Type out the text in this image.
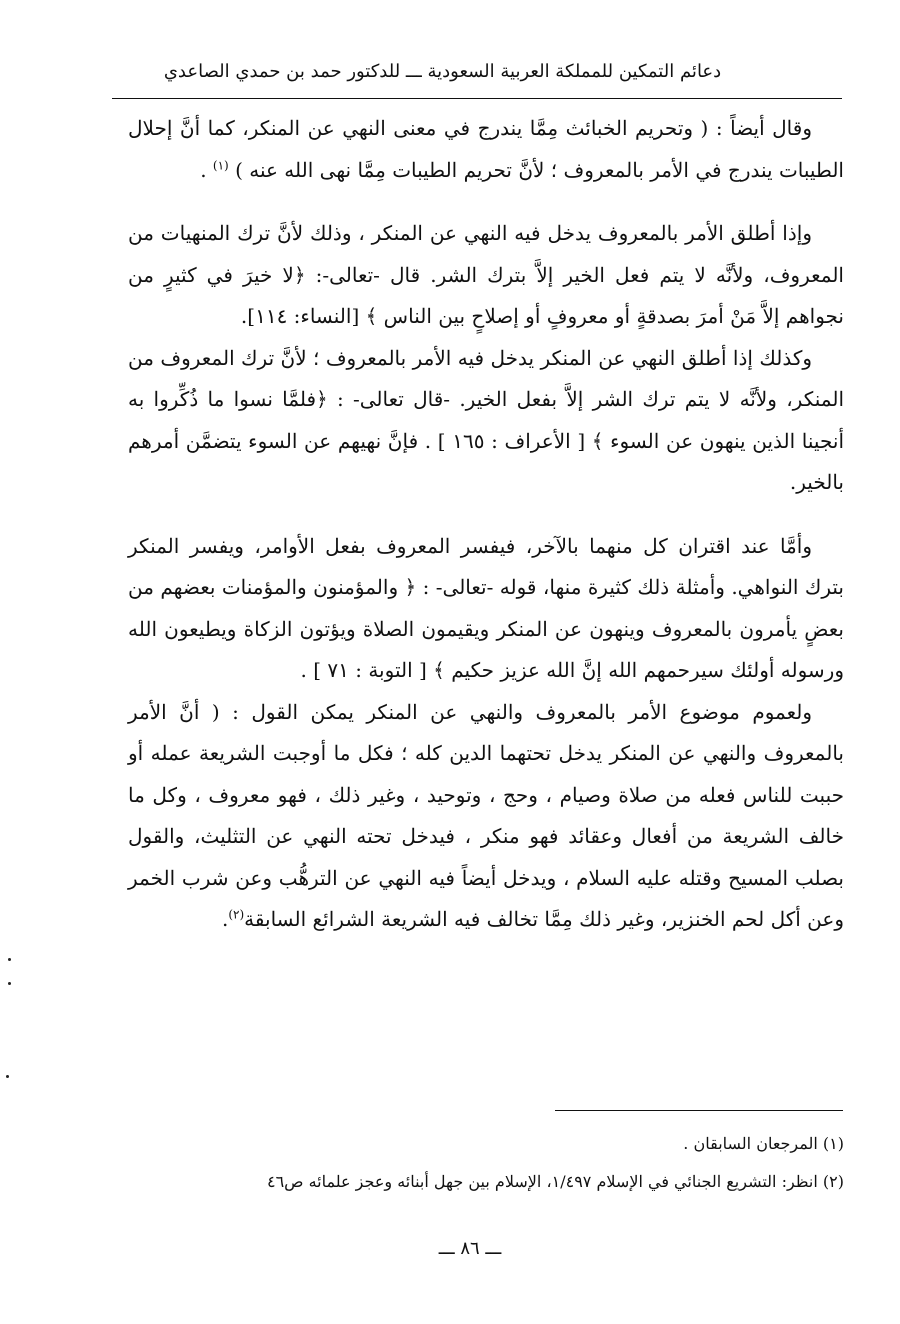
دعائم التمكين للمملكة العربية السعودية ـــ للدكتور حمد بن حمدي الصاعدي

وقال أيضاً : ( وتحريم الخبائث مِمَّا يندرج في معنى النهي عن المنكر، كما أنَّ إحلال الطيبات يندرج في الأمر بالمعروف ؛ لأنَّ تحريم الطيبات مِمَّا نهى الله عنه ) $^{(١)}$ .

وإذا أطلق الأمر بالمعروف يدخل فيه النهي عن المنكر ، وذلك لأنَّ ترك المنهيات من المعروف، ولأنَّه لا يتم فعل الخير إلاَّ بترك الشر. قال -تعالى-: ﴿لا خيرَ في كثيرٍ من نجواهم إلاَّ مَنْ أمرَ بصدقةٍ أو معروفٍ أو إصلاحٍ بين الناس ﴾ [النساء: ١١٤].

وكذلك إذا أطلق النهي عن المنكر يدخل فيه الأمر بالمعروف ؛ لأنَّ ترك المعروف من المنكر، ولأنَّه لا يتم ترك الشر إلاَّ بفعل الخير. -قال تعالى- : ﴿فلمَّا نسوا ما ذُكِّروا به أنجينا الذين ينهون عن السوء ﴾ [ الأعراف : ١٦٥ ] . فإنَّ نهيهم عن السوء يتضمَّن أمرهم بالخير.

وأمَّا عند اقتران كل منهما بالآخر، فيفسر المعروف بفعل الأوامر، ويفسر المنكر بترك النواهي. وأمثلة ذلك كثيرة منها، قوله -تعالى- : ﴿ والمؤمنون والمؤمنات بعضهم من بعضٍ يأمرون بالمعروف وينهون عن المنكر ويقيمون الصلاة ويؤتون الزكاة ويطيعون الله ورسوله أولئك سيرحمهم الله إنَّ الله عزيز حكيم ﴾ [ التوبة : ٧١ ] .

ولعموم موضوع الأمر بالمعروف والنهي عن المنكر يمكن القول : ( أنَّ الأمر بالمعروف والنهي عن المنكر يدخل تحتهما الدين كله ؛ فكل ما أوجبت الشريعة عمله أو حببت للناس فعله من صلاة وصيام ، وحج ، وتوحيد ، وغير ذلك ، فهو معروف ، وكل ما خالف الشريعة من أفعال وعقائد فهو منكر ، فيدخل تحته النهي عن التثليث، والقول بصلب المسيح وقتله عليه السلام ، ويدخل أيضاً فيه النهي عن الترهُّب وعن شرب الخمر وعن أكل لحم الخنزير، وغير ذلك مِمَّا تخالف فيه الشريعة الشرائع السابقة$^{(٢)}$.

(١) المرجعان السابقان .

(٢) انظر: التشريع الجنائي في الإسلام ١/٤٩٧، الإسلام بين جهل أبنائه وعجز علمائه ص٤٦

ـــ ٨٦ ـــ
